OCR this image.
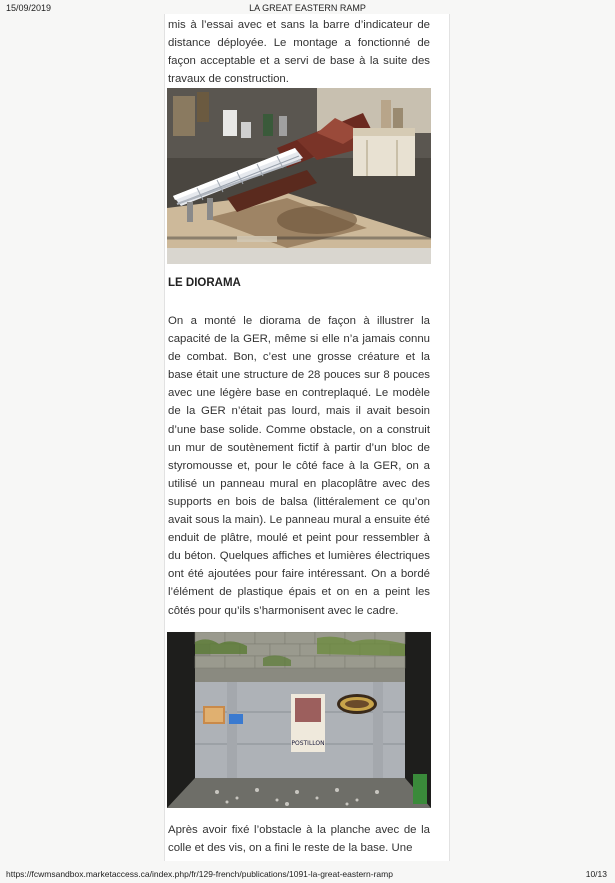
15/09/2019	LA GREAT EASTERN RAMP

mis à l’essai avec et sans la barre d’indicateur de distance déployée. Le montage a fonctionné de façon acceptable et a servi de base à la suite des travaux de construction.

LE DIORAMA

On a monté le diorama de façon à illustrer la capacité de la GER, même si elle n’a jamais connu de combat. Bon, c’est une grosse créature et la base était une structure de 28 pouces sur 8 pouces avec une légère base en contreplaqué. Le modèle de la GER n’était pas lourd, mais il avait besoin d’une base solide. Comme obstacle, on a construit un mur de soutènement fictif à partir d’un bloc de styromousse et, pour le côté face à la GER, on a utilisé un panneau mural en placoplâtre avec des supports en bois de balsa (littéralement ce qu’on avait sous la main). Le panneau mural a ensuite été enduit de plâtre, moulé et peint pour ressembler à du béton. Quelques affiches et lumières électriques ont été ajoutées pour faire intéressant. On a bordé l’élément de plastique épais et on en a peint les côtés pour qu’ils s’harmonisent avec le cadre.

POSTILLON

Après avoir fixé l’obstacle à la planche avec de la colle et des vis, on a fini le reste de la base. Une

https://fcwmsandbox.marketaccess.ca/index.php/fr/129-french/publications/1091-la-great-eastern-ramp	10/13
